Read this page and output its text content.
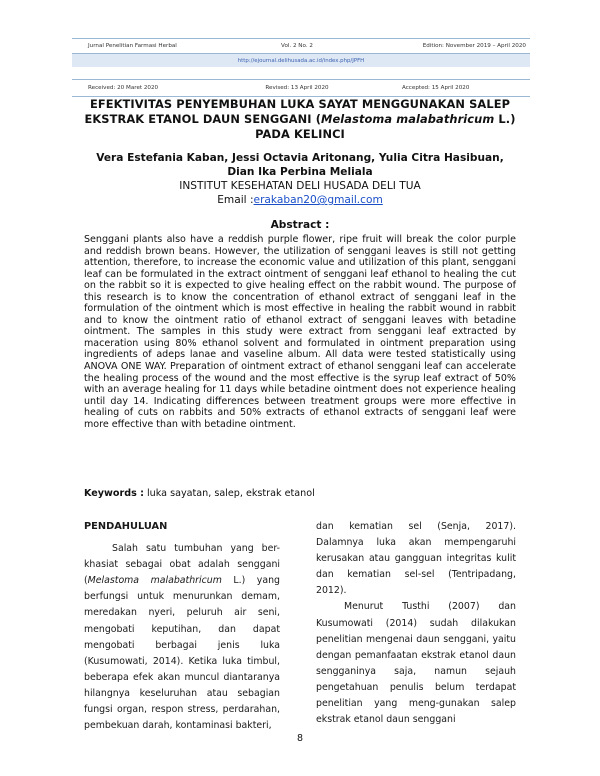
Jurnal Penelitian Farmasi Herbal	Vol. 2 No. 2	Edition: November 2019 – April 2020
http://ejournal.delihusada.ac.id/index.php/JPFH
Received: 20 Maret 2020	Revised: 13 April 2020	Accepted: 15 April 2020
EFEKTIVITAS PENYEMBUHAN LUKA SAYAT MENGGUNAKAN SALEP
EKSTRAK ETANOL DAUN SENGGANI (Melastoma malabathricum L.)
PADA KELINCI
Vera Estefania Kaban, Jessi Octavia Aritonang, Yulia Citra Hasibuan,
Dian Ika Perbina Meliala
INSTITUT KESEHATAN DELI HUSADA DELI TUA
Email :erakaban20@gmail.com
Abstract :
Senggani plants also have a reddish purple flower, ripe fruit will break the color purple and reddish brown beans. However, the utilization of senggani leaves is still not getting attention, therefore, to increase the economic value and utilization of this plant, senggani leaf can be formulated in the extract ointment of senggani leaf ethanol to healing the cut on the rabbit so it is expected to give healing effect on the rabbit wound. The purpose of this research is to know the concentration of ethanol extract of senggani leaf in the formulation of the ointment which is most effective in healing the rabbit wound in rabbit and to know the ointment ratio of ethanol extract of senggani leaves with betadine ointment. The samples in this study were extract from senggani leaf extracted by maceration using 80% ethanol solvent and formulated in ointment preparation using ingredients of adeps lanae and vaseline album. All data were tested statistically using ANOVA ONE WAY. Preparation of ointment extract of ethanol senggani leaf can accelerate the healing process of the wound and the most effective is the syrup leaf extract of 50% with an average healing for 11 days while betadine ointment does not experience healing until day 14. Indicating differences between treatment groups were more effective in healing of cuts on rabbits and 50% extracts of ethanol extracts of senggani leaf were more effective than with betadine ointment.
Keywords : luka sayatan, salep, ekstrak etanol
PENDAHULUAN

Salah satu tumbuhan yang ber-khasiat sebagai obat adalah senggani (Melastoma malabathricum L.) yang berfungsi untuk menurunkan demam, meredakan nyeri, peluruh air seni, mengobati keputihan, dan dapat mengobati berbagai jenis luka (Kusumowati, 2014). Ketika luka timbul, beberapa efek akan muncul diantaranya hilangnya keseluruhan atau sebagian fungsi organ, respon stress, perdarahan, pembekuan darah, kontaminasi bakteri,

dan kematian sel (Senja, 2017). Dalamnya luka akan mempengaruhi kerusakan atau gangguan integritas kulit dan kematian sel-sel (Tentripadang, 2012).

Menurut Tusthi (2007) dan Kusumowati (2014) sudah dilakukan penelitian mengenai daun senggani, yaitu dengan pemanfaatan ekstrak etanol daun sengganinya saja, namun sejauh pengetahuan penulis belum terdapat penelitian yang meng-gunakan salep ekstrak etanol daun senggani

8
